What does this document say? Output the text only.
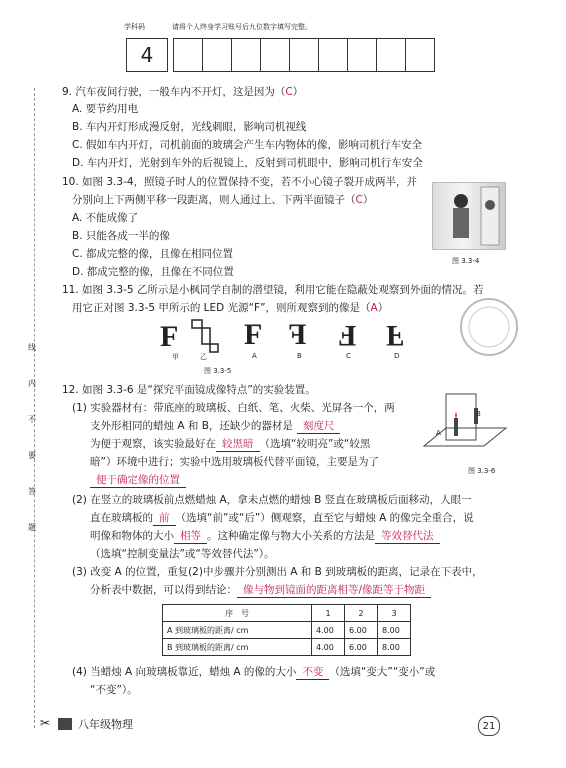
学科码	请将个人终身学习账号后九位数字填写完整。
4
线
内
不
要
答
题
9. 汽车夜间行驶，一般车内不开灯，这是因为（C）
A. 要节约用电
B. 车内开灯形成漫反射，光线刺眼，影响司机视线
C. 假如车内开灯，司机前面的玻璃会产生车内物体的像，影响司机行车安全
D. 车内开灯，光射到车外的后视镜上，反射到司机眼中，影响司机行车安全
10. 如图 3.3-4，照镜子时人的位置保持不变，若不小心镜子裂开成两半，并
分别向上下两侧平移一段距离，则人通过上、下两半面镜子（C）
A. 不能成像了
B. 只能各成一半的像
C. 都成完整的像，且像在相同位置
D. 都成完整的像，且像在不同位置
图 3.3-4
11. 如图 3.3-5 乙所示是小枫同学自制的潜望镜，利用它能在隐蔽处观察到外面的情况。若
用它正对图 3.3-5 甲所示的 LED 光源“F”，则所观察到的像是（A）
F F F F F
甲	乙	A	B	C	D
图 3.3-5
12. 如图 3.3-6 是“探究平面镜成像特点”的实验装置。
(1) 实验器材有：带底座的玻璃板、白纸、笔、火柴、光屏各一个，两
支外形相同的蜡烛 A 和 B，还缺少的器材是 刻度尺
为便于观察，该实验最好在 较黑暗 （选填“较明亮”或“较黑
暗”）环境中进行；实验中选用玻璃板代替平面镜，主要是为了
便于确定像的位置
A
B
图 3.3-6
(2) 在竖立的玻璃板前点燃蜡烛 A，拿未点燃的蜡烛 B 竖直在玻璃板后面移动，人眼一
直在玻璃板的 前 （选填“前”或“后”）侧观察，直至它与蜡烛 A 的像完全重合，说
明像和物体的大小 相等 。这种确定像与物大小关系的方法是 等效替代法
（选填“控制变量法”或“等效替代法”）。
(3) 改变 A 的位置，重复(2)中步骤并分别测出 A 和 B 到玻璃板的距离，记录在下表中，
分析表中数据，可以得到结论： 像与物到镜面的距离相等/像距等于物距
序　号	1	2	3
A 到玻璃板的距离/ cm	4.00	6.00	8.00
B 到玻璃板的距离/ cm	4.00	6.00	8.00
(4) 当蜡烛 A 向玻璃板靠近，蜡烛 A 的像的大小 不变 （选填“变大”“变小”或
“不变”）。
✂	八年级物理	21
